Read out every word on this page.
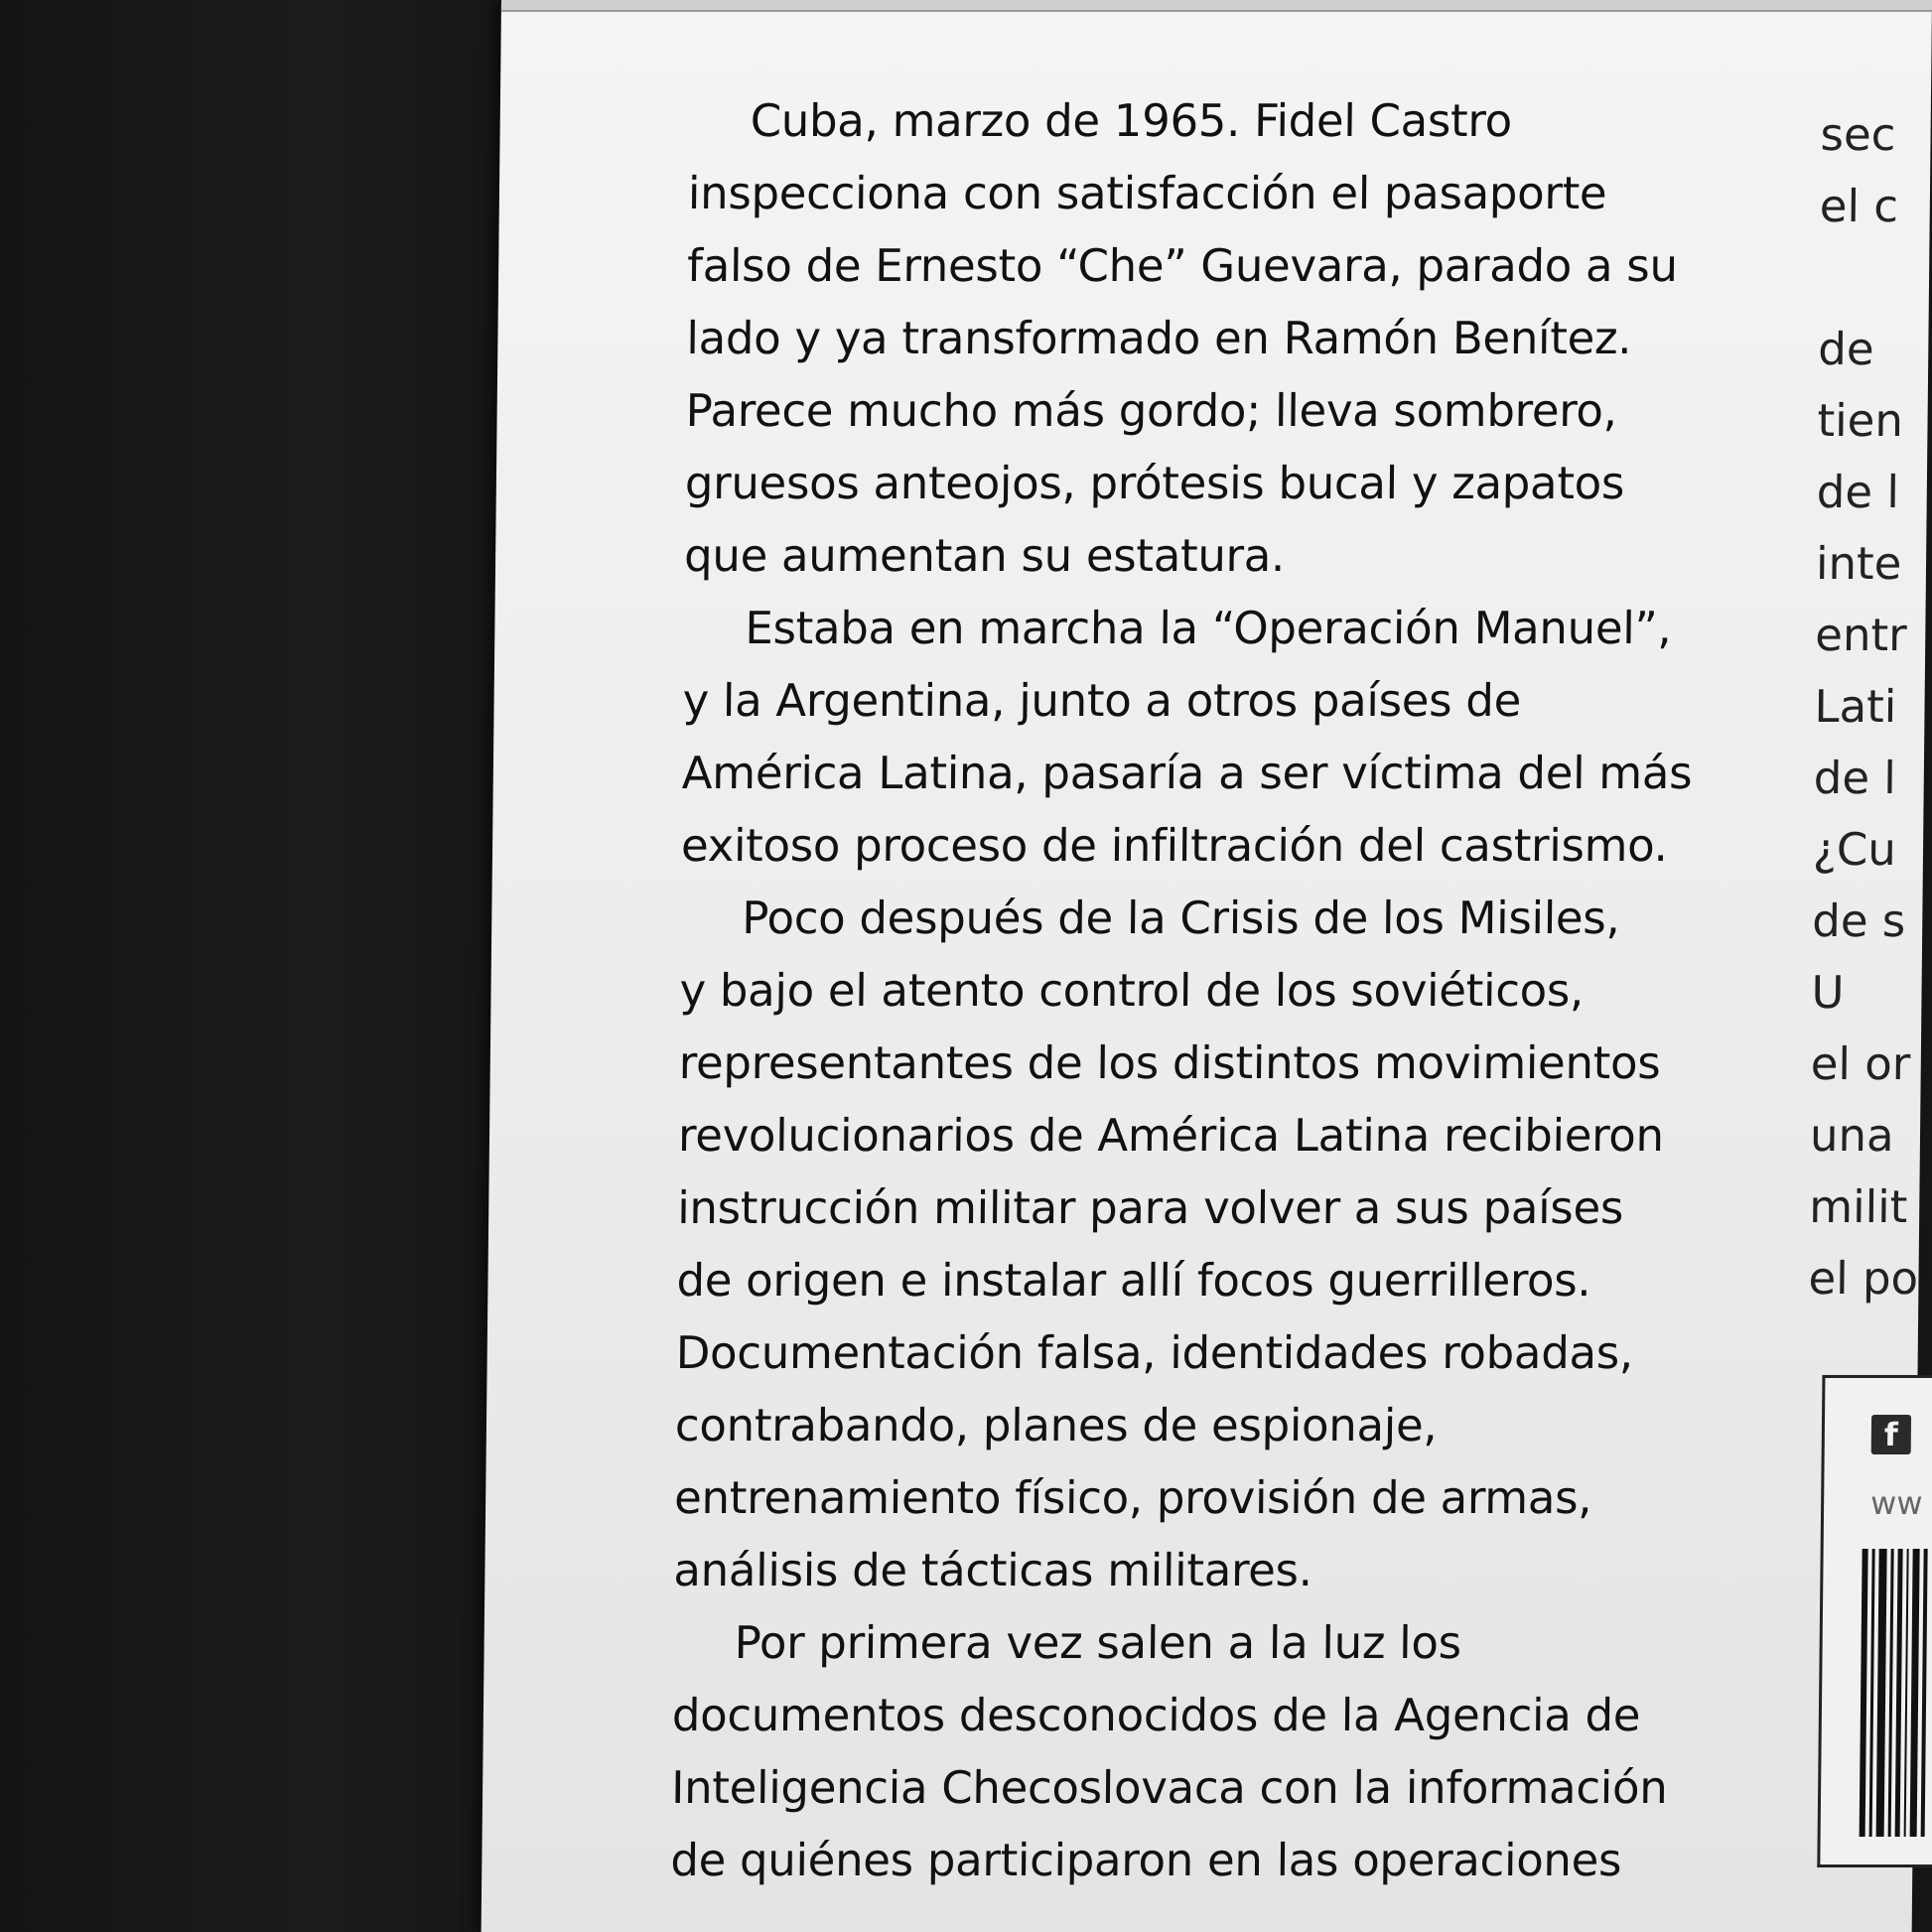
Cuba, marzo de 1965. Fidel Castro
inspecciona con satisfacción el pasaporte
falso de Ernesto “Che” Guevara, parado a su
lado y ya transformado en Ramón Benítez.
Parece mucho más gordo; lleva sombrero,
gruesos anteojos, prótesis bucal y zapatos
que aumentan su estatura.
Estaba en marcha la “Operación Manuel”,
y la Argentina, junto a otros países de
América Latina, pasaría a ser víctima del más
exitoso proceso de infiltración del castrismo.
Poco después de la Crisis de los Misiles,
y bajo el atento control de los soviéticos,
representantes de los distintos movimientos
revolucionarios de América Latina recibieron
instrucción militar para volver a sus países
de origen e instalar allí focos guerrilleros.
Documentación falsa, identidades robadas,
contrabando, planes de espionaje,
entrenamiento físico, provisión de armas,
análisis de tácticas militares.
Por primera vez salen a la luz los
documentos desconocidos de la Agencia de
Inteligencia Checoslovaca con la información
de quiénes participaron en las operaciones
sec
el c
de
tien
de l
inte
entr
Lati
de l
¿Cu
de s
U
el or
una
milit
el po
f
ww
